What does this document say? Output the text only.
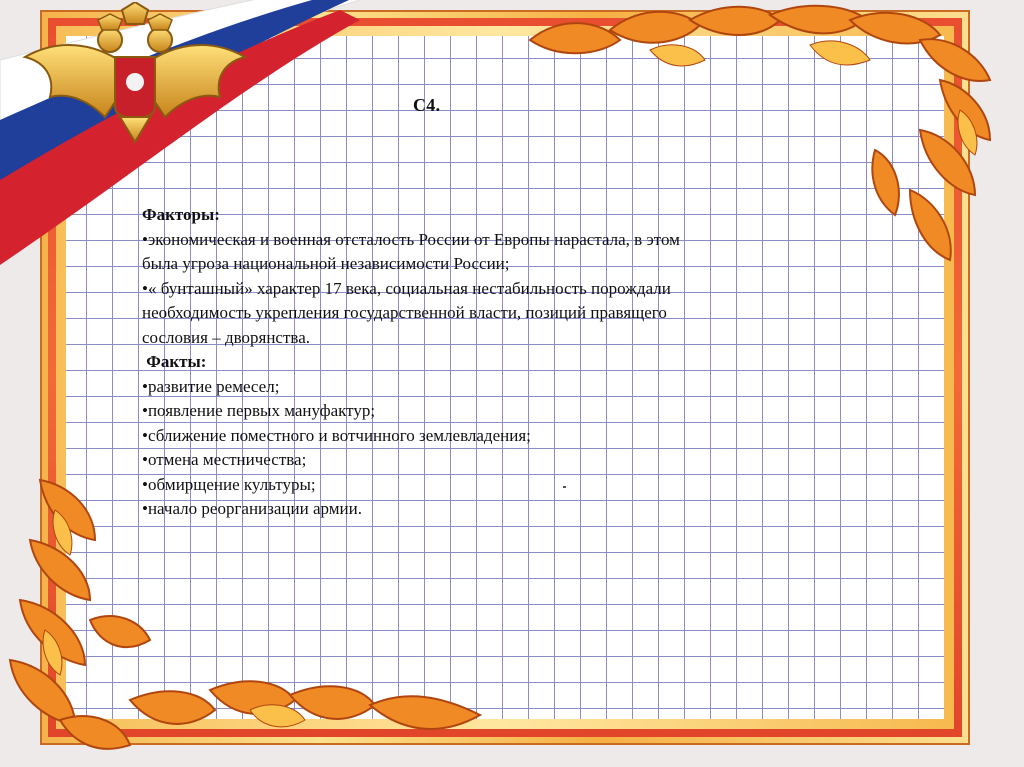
С4.
Факторы:
•экономическая и военная отсталость России от Европы нарастала, в этом
была угроза национальной независимости России;
•« бунташный» характер 17 века, социальная нестабильность порождали
необходимость укрепления государственной власти, позиций правящего
сословия – дворянства.
Факты:
•развитие ремесел;
•появление первых мануфактур;
•сближение поместного и вотчинного землевладения;
•отмена местничества;
•обмирщение культуры;
•начало реорганизации армии.
